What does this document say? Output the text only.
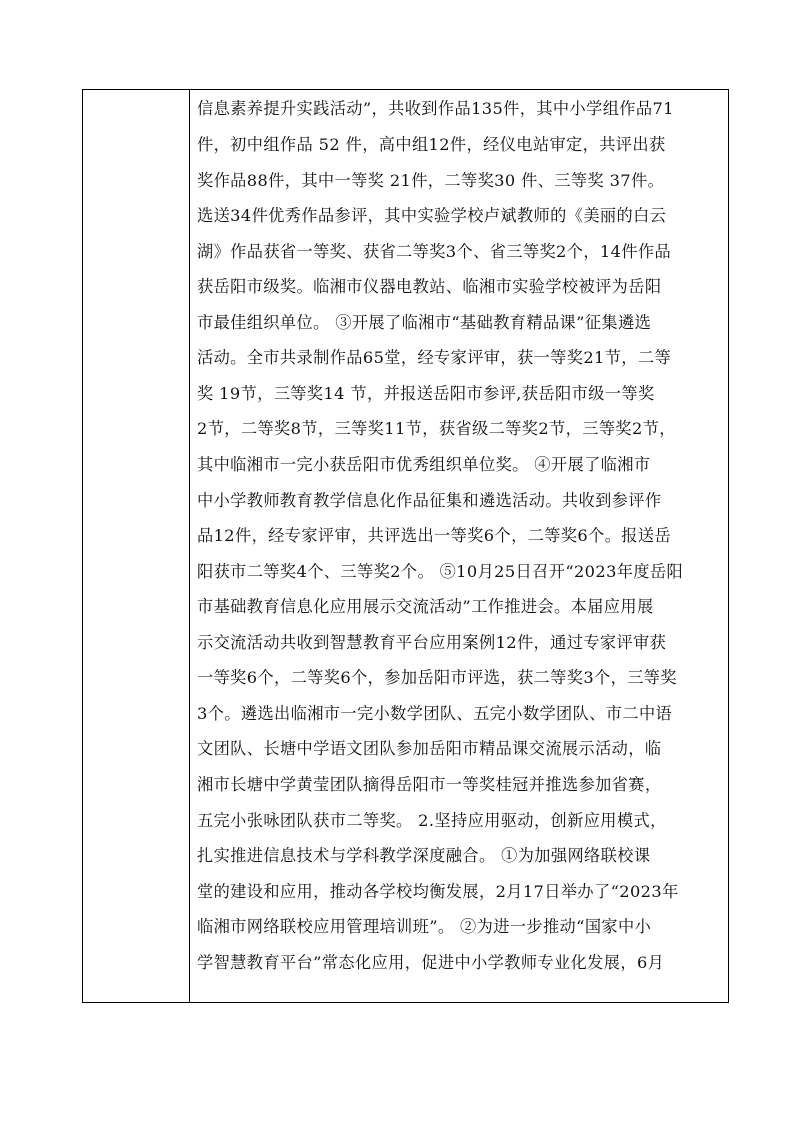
信息素养提升实践活动”，共收到作品135件，其中小学组作品71
件，初中组作品 52 件，高中组12件，经仪电站审定，共评出获
奖作品88件，其中一等奖 21件，二等奖30 件、三等奖 37件。
选送34件优秀作品参评，其中实验学校卢斌教师的《美丽的白云
湖》作品获省一等奖、获省二等奖3个、省三等奖2个，14件作品
获岳阳市级奖。临湘市仪器电教站、临湘市实验学校被评为岳阳
市最佳组织单位。 ③开展了临湘市“基础教育精品课”征集遴选
活动。全市共录制作品65堂，经专家评审，获一等奖21节，二等
奖 19节，三等奖14 节，并报送岳阳市参评,获岳阳市级一等奖
2节，二等奖8节，三等奖11节，获省级二等奖2节，三等奖2节，
其中临湘市一完小获岳阳市优秀组织单位奖。 ④开展了临湘市
中小学教师教育教学信息化作品征集和遴选活动。共收到参评作
品12件，经专家评审，共评选出一等奖6个，二等奖6个。报送岳
阳获市二等奖4个、三等奖2个。 ⑤10月25日召开“2023年度岳阳
市基础教育信息化应用展示交流活动”工作推进会。本届应用展
示交流活动共收到智慧教育平台应用案例12件，通过专家评审获
一等奖6个，二等奖6个，参加岳阳市评选，获二等奖3个，三等奖
3个。遴选出临湘市一完小数学团队、五完小数学团队、市二中语
文团队、长塘中学语文团队参加岳阳市精品课交流展示活动，临
湘市长塘中学黄莹团队摘得岳阳市一等奖桂冠并推选参加省赛，
五完小张咏团队获市二等奖。 2.坚持应用驱动，创新应用模式，
扎实推进信息技术与学科教学深度融合。 ①为加强网络联校课
堂的建设和应用，推动各学校均衡发展，2月17日举办了“2023年
临湘市网络联校应用管理培训班”。 ②为进一步推动“国家中小
学智慧教育平台”常态化应用，促进中小学教师专业化发展，6月
